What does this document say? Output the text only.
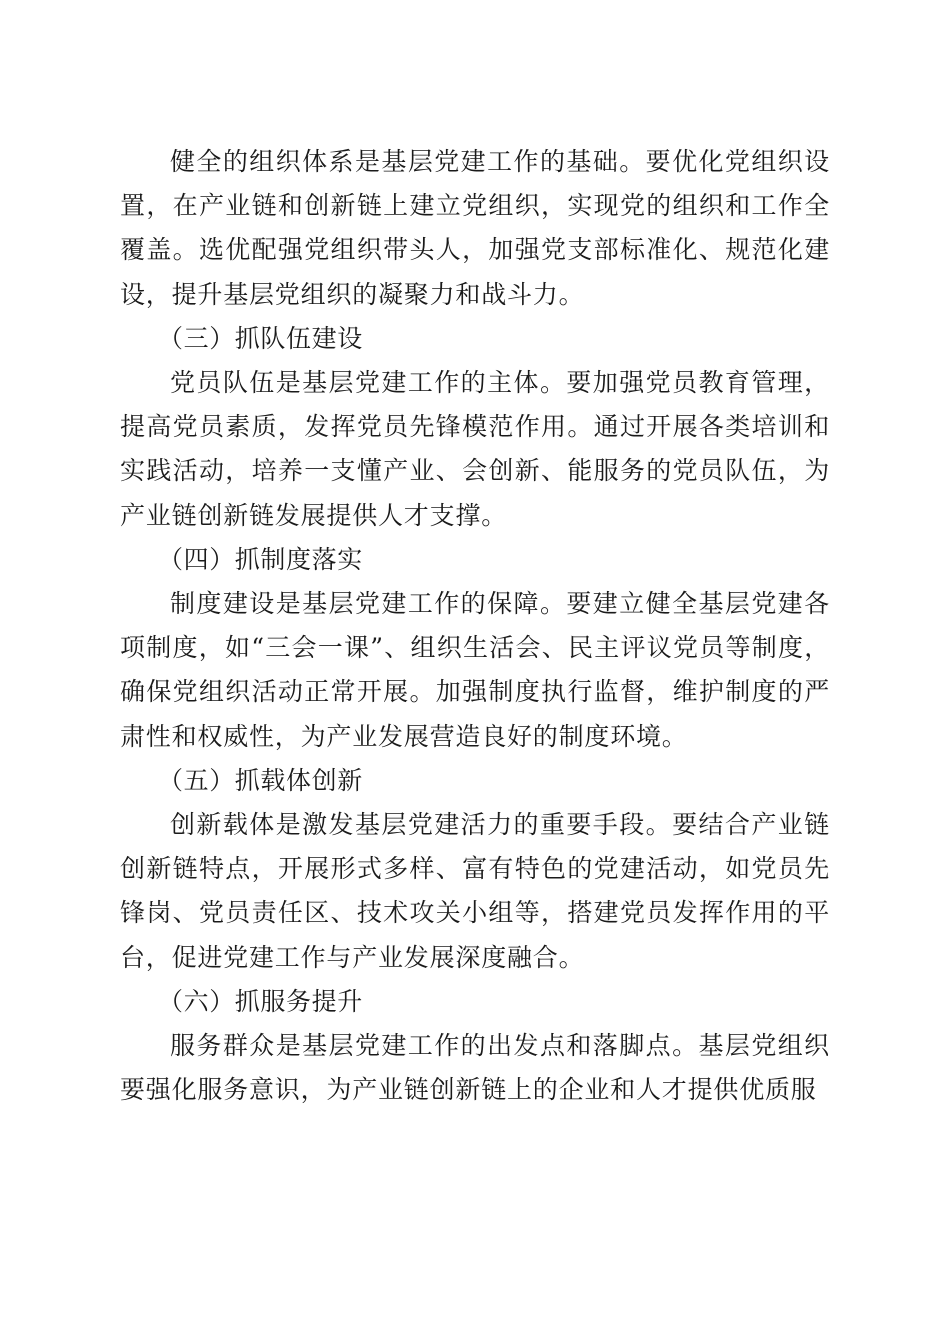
健全的组织体系是基层党建工作的基础。要优化党组织设置，在产业链和创新链上建立党组织，实现党的组织和工作全覆盖。选优配强党组织带头人，加强党支部标准化、规范化建设，提升基层党组织的凝聚力和战斗力。

（三）抓队伍建设

党员队伍是基层党建工作的主体。要加强党员教育管理，提高党员素质，发挥党员先锋模范作用。通过开展各类培训和实践活动，培养一支懂产业、会创新、能服务的党员队伍，为产业链创新链发展提供人才支撑。

（四）抓制度落实

制度建设是基层党建工作的保障。要建立健全基层党建各项制度，如“三会一课”、组织生活会、民主评议党员等制度，确保党组织活动正常开展。加强制度执行监督，维护制度的严肃性和权威性，为产业发展营造良好的制度环境。

（五）抓载体创新

创新载体是激发基层党建活力的重要手段。要结合产业链创新链特点，开展形式多样、富有特色的党建活动，如党员先锋岗、党员责任区、技术攻关小组等，搭建党员发挥作用的平台，促进党建工作与产业发展深度融合。

（六）抓服务提升

服务群众是基层党建工作的出发点和落脚点。基层党组织要强化服务意识，为产业链创新链上的企业和人才提供优质服
